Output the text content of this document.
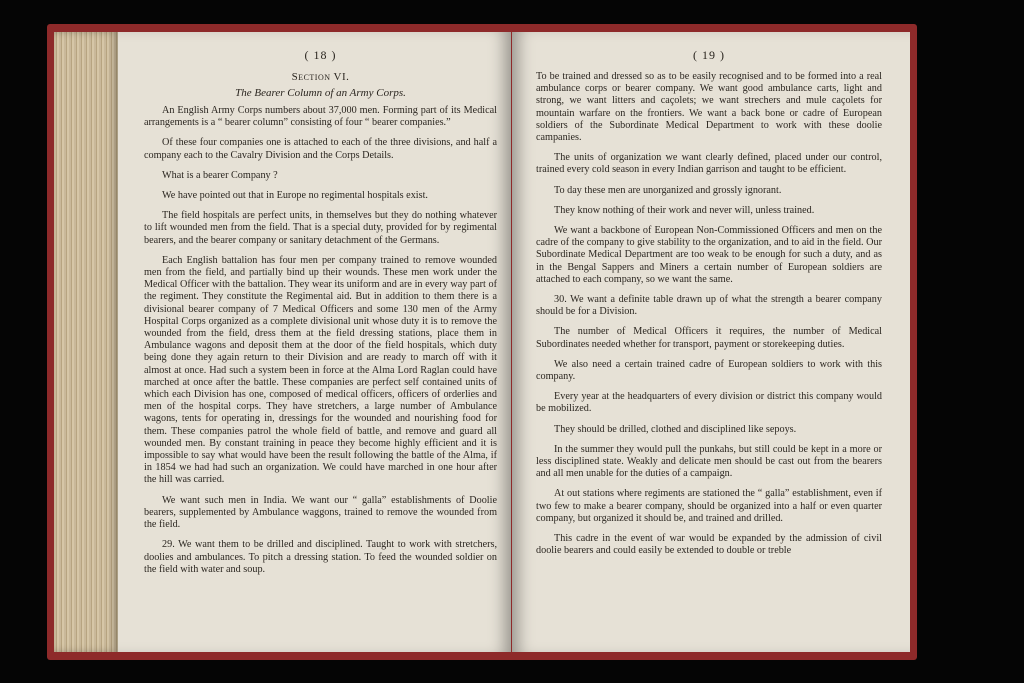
( 18 )
Section VI.
The Bearer Column of an Army Corps.

An English Army Corps numbers about 37,000 men. Forming part of its Medical arrangements is a “ bearer column” consisting of four “ bearer companies.”

Of these four companies one is attached to each of the three divisions, and half a company each to the Cavalry Division and the Corps Details.

What is a bearer Company ?

We have pointed out that in Europe no regimental hospitals exist.

The field hospitals are perfect units, in themselves but they do nothing whatever to lift wounded men from the field. That is a special duty, provided for by regimental bearers, and the bearer company or sanitary detachment of the Germans.

Each English battalion has four men per company trained to remove wounded men from the field, and partially bind up their wounds. These men work under the Medical Officer with the battalion. They wear its uniform and are in every way part of the regiment. They constitute the Regimental aid. But in addition to them there is a divisional bearer company of 7 Medical Officers and some 130 men of the Army Hospital Corps organized as a complete divisional unit whose duty it is to remove the wounded from the field, dress them at the field dressing stations, place them in Ambulance wagons and deposit them at the door of the field hospitals, which duty being done they again return to their Division and are ready to march off with it almost at once. Had such a system been in force at the Alma Lord Raglan could have marched at once after the battle. These companies are perfect self contained units of which each Division has one, composed of medical officers, officers of orderlies and men of the hospital corps. They have stretchers, a large number of Ambulance wagons, tents for operating in, dressings for the wounded and nourishing food for them. These companies patrol the whole field of battle, and remove and guard all wounded men. By constant training in peace they become highly efficient and it is impossible to say what would have been the result following the battle of the Alma, if in 1854 we had had such an organization. We could have marched in one hour after the hill was carried.

We want such men in India. We want our “ galla” establishments of Doolie bearers, supplemented by Ambulance waggons, trained to remove the wounded from the field.

29. We want them to be drilled and disciplined. Taught to work with stretchers, doolies and ambulances. To pitch a dressing station. To feed the wounded soldier on the field with water and soup.

( 19 )

To be trained and dressed so as to be easily recognised and to be formed into a real ambulance corps or bearer company. We want good ambulance carts, light and strong, we want litters and caçolets; we want strechers and mule caçolets for mountain warfare on the frontiers. We want a back bone or cadre of European soldiers of the Subordinate Medical Department to work with these doolie campanies.

The units of organization we want clearly defined, placed under our control, trained every cold season in every Indian garrison and taught to be efficient.

To day these men are unorganized and grossly ignorant.

They know nothing of their work and never will, unless trained.

We want a backbone of European Non-Commissioned Officers and men on the cadre of the company to give stability to the organization, and to aid in the field. Our Subordinate Medical Department are too weak to be enough for such a duty, and as in the Bengal Sappers and Miners a certain number of European soldiers are attached to each company, so we want the same.

30. We want a definite table drawn up of what the strength a bearer company should be for a Division.

The number of Medical Officers it requires, the number of Medical Subordinates needed whether for transport, payment or storekeeping duties.

We also need a certain trained cadre of European soldiers to work with this company.

Every year at the headquarters of every division or district this company would be mobilized.

They should be drilled, clothed and disciplined like sepoys.

In the summer they would pull the punkahs, but still could be kept in a more or less disciplined state. Weakly and delicate men should be cast out from the bearers and all men unable for the duties of a campaign.

At out stations where regiments are stationed the “ galla” establishment, even if two few to make a bearer company, should be organized into a half or even quarter company, but organized it should be, and trained and drilled.

This cadre in the event of war would be expanded by the admission of civil doolie bearers and could easily be extended to double or treble
